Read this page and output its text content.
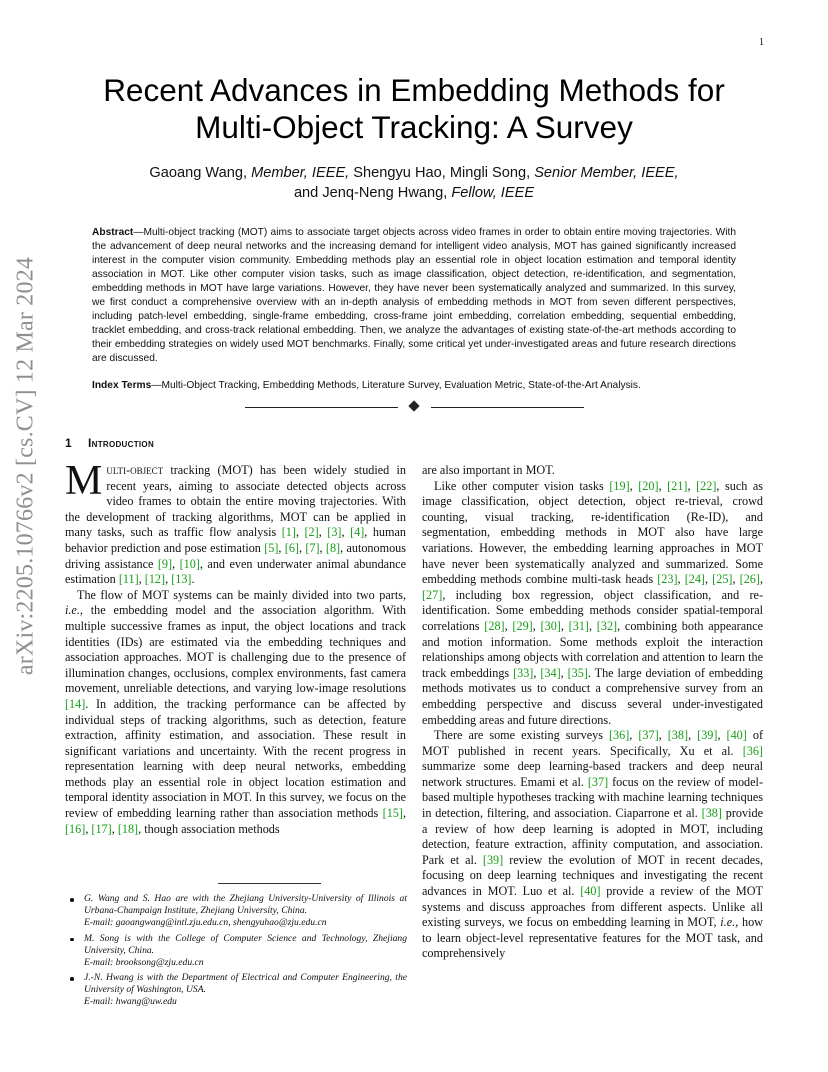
1
arXiv:2205.10766v2 [cs.CV] 12 Mar 2024
Recent Advances in Embedding Methods for
Multi-Object Tracking: A Survey
Gaoang Wang, Member, IEEE, Shengyu Hao, Mingli Song, Senior Member, IEEE,
and Jenq-Neng Hwang, Fellow, IEEE
Abstract—Multi-object tracking (MOT) aims to associate target objects across video frames in order to obtain entire moving trajectories. With the advancement of deep neural networks and the increasing demand for intelligent video analysis, MOT has gained significantly increased interest in the computer vision community. Embedding methods play an essential role in object location estimation and temporal identity association in MOT. Like other computer vision tasks, such as image classification, object detection, re-identification, and segmentation, embedding methods in MOT have large variations. However, they have never been systematically analyzed and summarized. In this survey, we first conduct a comprehensive overview with an in-depth analysis of embedding methods in MOT from seven different perspectives, including patch-level embedding, single-frame embedding, cross-frame joint embedding, correlation embedding, sequential embedding, tracklet embedding, and cross-track relational embedding. Then, we analyze the advantages of existing state-of-the-art methods according to their embedding strategies on widely used MOT benchmarks. Finally, some critical yet under-investigated areas and future research directions are discussed.
Index Terms—Multi-Object Tracking, Embedding Methods, Literature Survey, Evaluation Metric, State-of-the-Art Analysis.
1 Introduction

Multi-object tracking (MOT) has been widely studied in recent years, aiming to associate detected objects across video frames to obtain the entire moving trajectories. With the development of tracking algorithms, MOT can be applied in many tasks, such as traffic flow analysis [1], [2], [3], [4], human behavior prediction and pose estimation [5], [6], [7], [8], autonomous driving assistance [9], [10], and even underwater animal abundance estimation [11], [12], [13].

The flow of MOT systems can be mainly divided into two parts, i.e., the embedding model and the association algorithm. With multiple successive frames as input, the object locations and track identities (IDs) are estimated via the embedding techniques and association approaches. MOT is challenging due to the presence of illumination changes, occlusions, complex environments, fast camera movement, unreliable detections, and varying low-image resolutions [14]. In addition, the tracking performance can be affected by individual steps of tracking algorithms, such as detection, feature extraction, affinity estimation, and association. These result in significant variations and uncertainty. With the recent progress in representation learning with deep neural networks, embedding methods play an essential role in object location estimation and temporal identity association in MOT. In this survey, we focus on the review of embedding learning rather than association methods [15], [16], [17], [18], though association methods

are also important in MOT.

Like other computer vision tasks [19], [20], [21], [22], such as image classification, object detection, object re-trieval, crowd counting, visual tracking, re-identification (Re-ID), and segmentation, embedding methods in MOT also have large variations. However, the embedding learning approaches in MOT have never been systematically analyzed and summarized. Some embedding methods combine multi-task heads [23], [24], [25], [26], [27], including box regression, object classification, and re-identification. Some embedding methods consider spatial-temporal correlations [28], [29], [30], [31], [32], combining both appearance and motion information. Some methods exploit the interaction relationships among objects with correlation and attention to learn the track embeddings [33], [34], [35]. The large deviation of embedding methods motivates us to conduct a comprehensive survey from an embedding perspective and discuss several under-investigated embedding areas and future directions.

There are some existing surveys [36], [37], [38], [39], [40] of MOT published in recent years. Specifically, Xu et al. [36] summarize some deep learning-based trackers and deep neural network structures. Emami et al. [37] focus on the review of model-based multiple hypotheses tracking with machine learning techniques in detection, filtering, and association. Ciaparrone et al. [38] provide a review of how deep learning is adopted in MOT, including detection, feature extraction, affinity computation, and association. Park et al. [39] review the evolution of MOT in recent decades, focusing on deep learning techniques and investigating the recent advances in MOT. Luo et al. [40] provide a review of the MOT systems and discuss approaches from different aspects. Unlike all existing surveys, we focus on embedding learning in MOT, i.e., how to learn object-level representative features for the MOT task, and comprehensively

G. Wang and S. Hao are with the Zhejiang University-University of Illinois at Urbana-Champaign Institute, Zhejiang University, China.
E-mail: gaoangwang@intl.zju.edu.cn, shengyuhao@zju.edu.cn
M. Song is with the College of Computer Science and Technology, Zhejiang University, China.
E-mail: brooksong@zju.edu.cn
J.-N. Hwang is with the Department of Electrical and Computer Engineering, the University of Washington, USA.
E-mail: hwang@uw.edu
